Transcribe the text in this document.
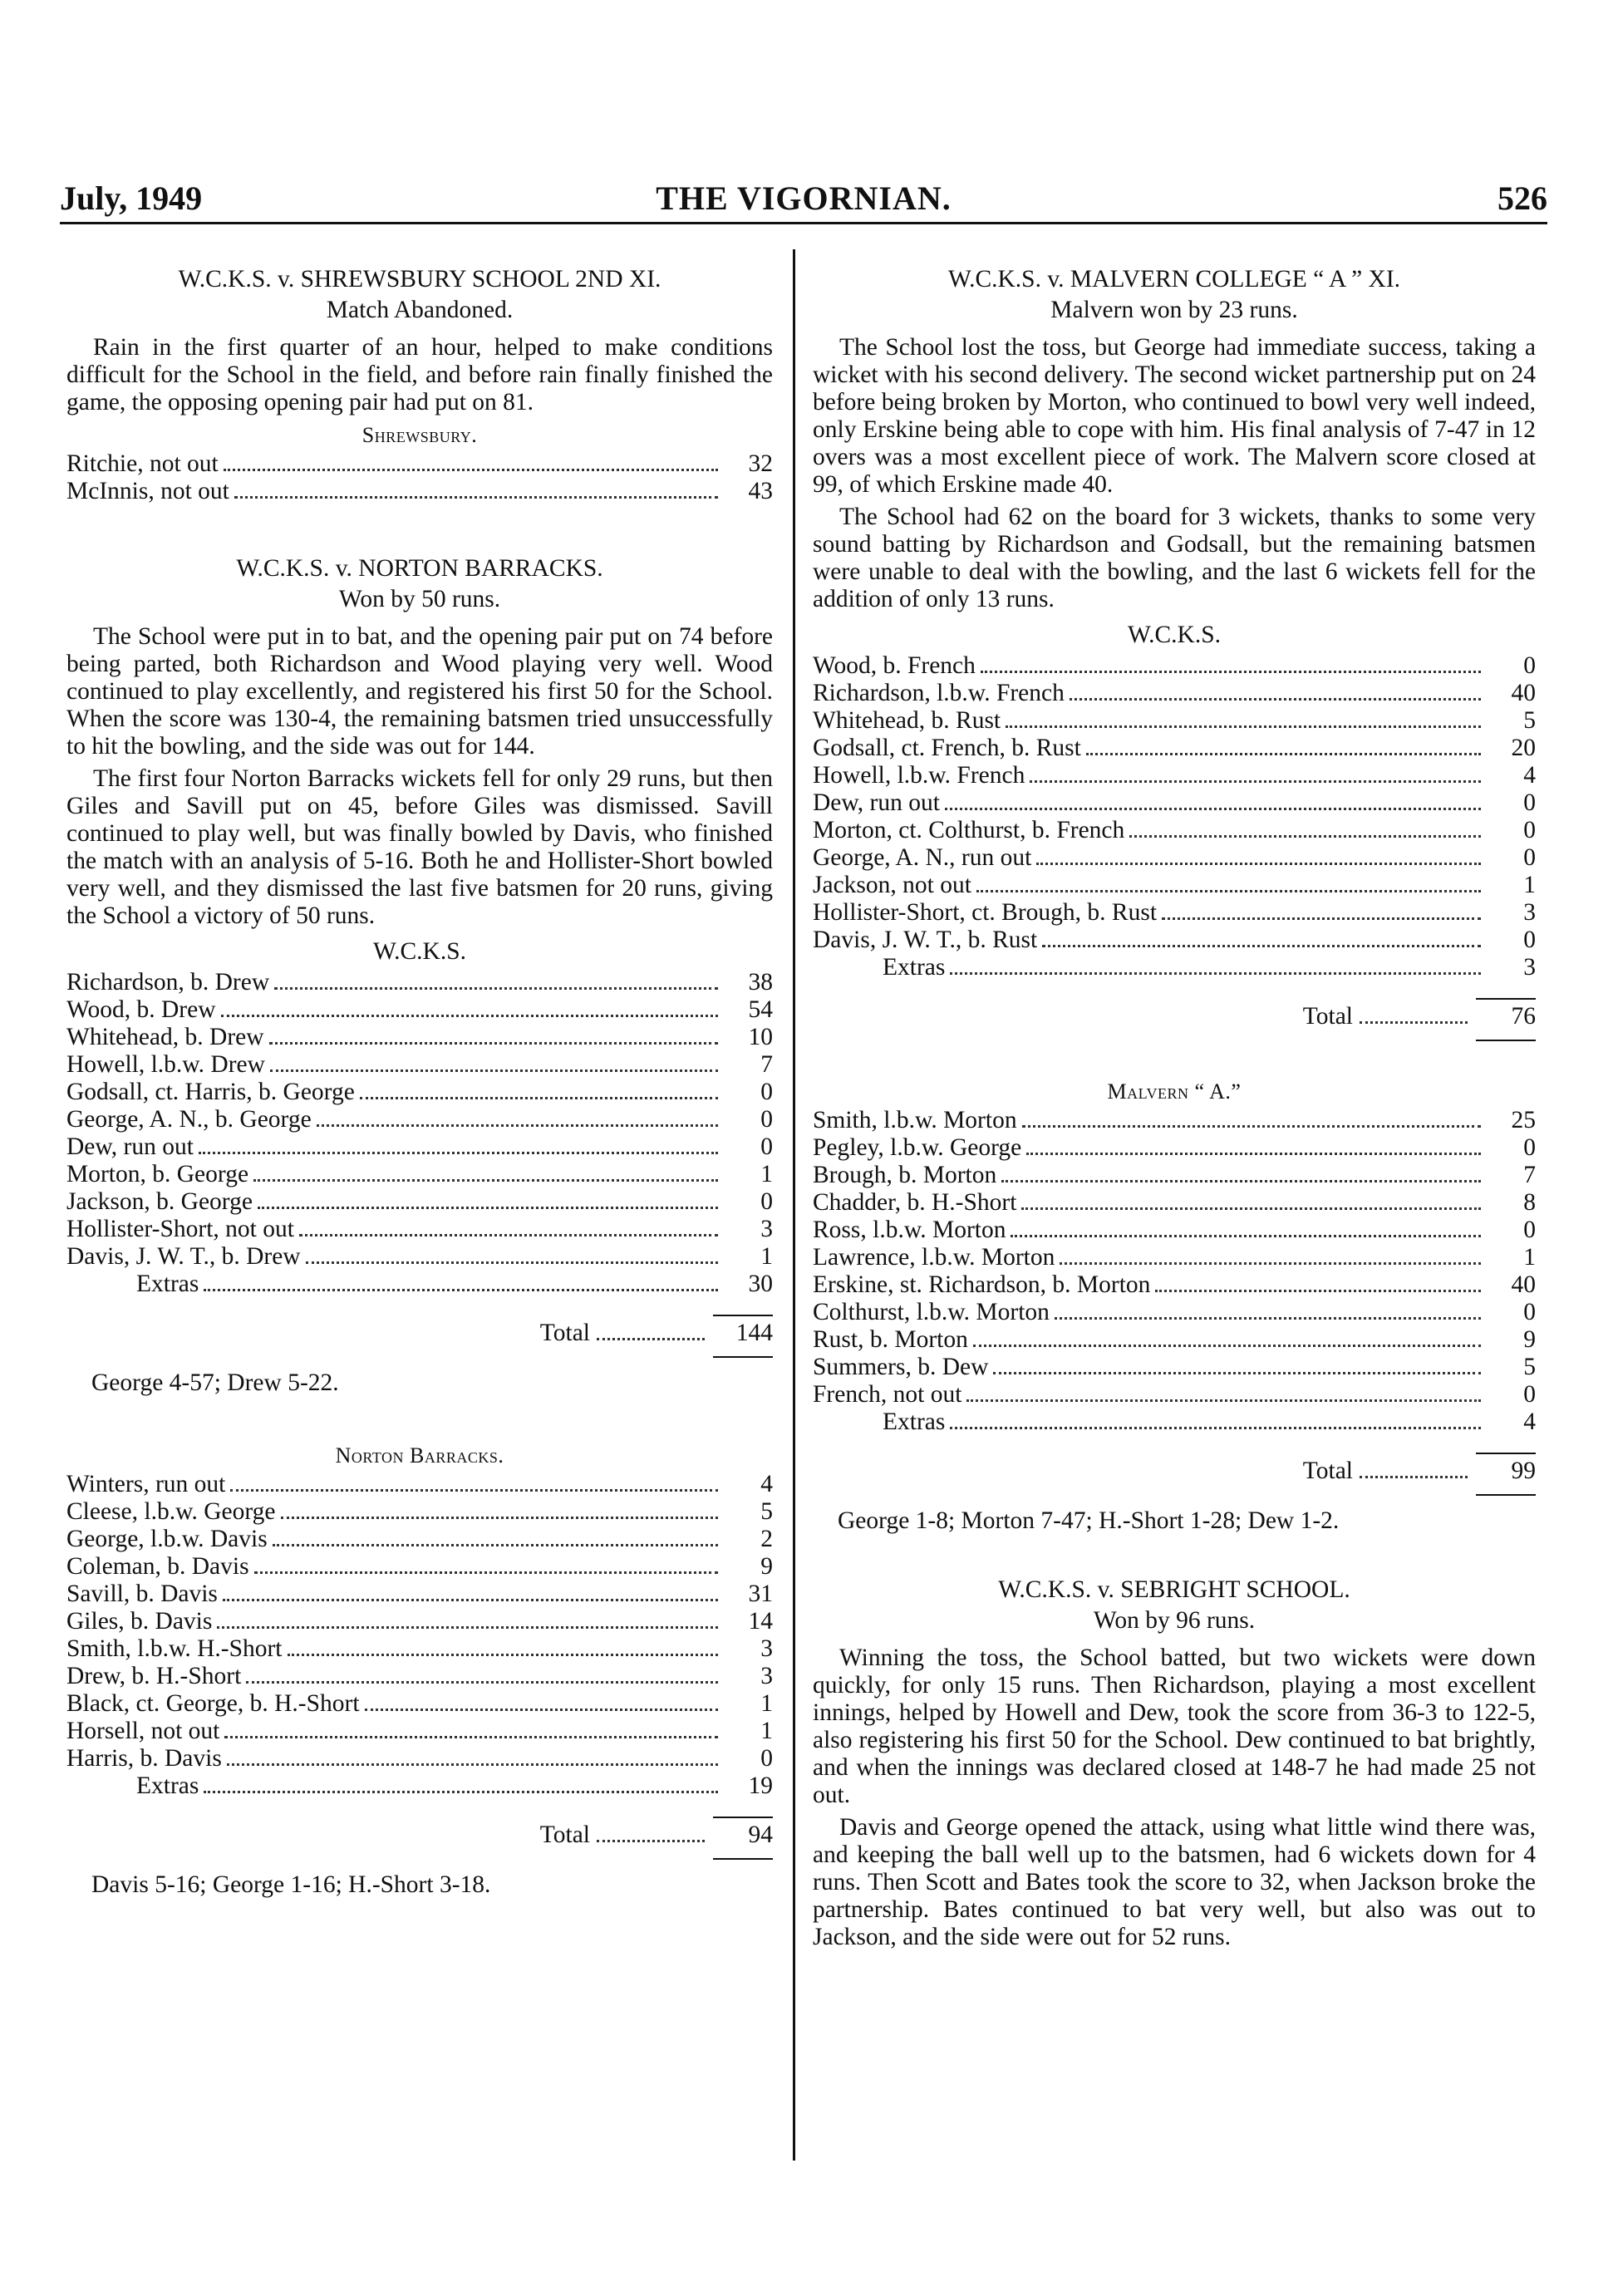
July, 1949	THE VIGORNIAN.	526
W.C.K.S. v. SHREWSBURY SCHOOL 2ND XI.
Match Abandoned.

Rain in the first quarter of an hour, helped to make conditions difficult for the School in the field, and before rain finally finished the game, the opposing opening pair had put on 81.

Shrewsbury.
Ritchie, not out	32
McInnis, not out	43
W.C.K.S. v. NORTON BARRACKS.
Won by 50 runs.

The School were put in to bat, and the opening pair put on 74 before being parted, both Richardson and Wood playing very well. Wood continued to play excellently, and registered his first 50 for the School. When the score was 130-4, the remaining batsmen tried unsuccessfully to hit the bowling, and the side was out for 144.

The first four Norton Barracks wickets fell for only 29 runs, but then Giles and Savill put on 45, before Giles was dismissed. Savill continued to play well, but was finally bowled by Davis, who finished the match with an analysis of 5-16. Both he and Hollister-Short bowled very well, and they dismissed the last five batsmen for 20 runs, giving the School a victory of 50 runs.

W.C.K.S.
Richardson, b. Drew	38
Wood, b. Drew	54
Whitehead, b. Drew	10
Howell, l.b.w. Drew	7
Godsall, ct. Harris, b. George	0
George, A. N., b. George	0
Dew, run out	0
Morton, b. George	1
Jackson, b. George	0
Hollister-Short, not out	3
Davis, J. W. T., b. Drew	1
Extras	30
Total	144
George 4-57; Drew 5-22.
Norton Barracks.
Winters, run out	4
Cleese, l.b.w. George	5
George, l.b.w. Davis	2
Coleman, b. Davis	9
Savill, b. Davis	31
Giles, b. Davis	14
Smith, l.b.w. H.-Short	3
Drew, b. H.-Short	3
Black, ct. George, b. H.-Short	1
Horsell, not out	1
Harris, b. Davis	0
Extras	19
Total	94
Davis 5-16; George 1-16; H.-Short 3-18.
W.C.K.S. v. MALVERN COLLEGE “ A ” XI.
Malvern won by 23 runs.

The School lost the toss, but George had immediate success, taking a wicket with his second delivery. The second wicket partnership put on 24 before being broken by Morton, who continued to bowl very well indeed, only Erskine being able to cope with him. His final analysis of 7-47 in 12 overs was a most excellent piece of work. The Malvern score closed at 99, of which Erskine made 40.

The School had 62 on the board for 3 wickets, thanks to some very sound batting by Richardson and Godsall, but the remaining batsmen were unable to deal with the bowling, and the last 6 wickets fell for the addition of only 13 runs.

W.C.K.S.
Wood, b. French	0
Richardson, l.b.w. French	40
Whitehead, b. Rust	5
Godsall, ct. French, b. Rust	20
Howell, l.b.w. French	4
Dew, run out	0
Morton, ct. Colthurst, b. French	0
George, A. N., run out	0
Jackson, not out	1
Hollister-Short, ct. Brough, b. Rust	3
Davis, J. W. T., b. Rust	0
Extras	3
Total	76
Malvern “ A.”
Smith, l.b.w. Morton	25
Pegley, l.b.w. George	0
Brough, b. Morton	7
Chadder, b. H.-Short	8
Ross, l.b.w. Morton	0
Lawrence, l.b.w. Morton	1
Erskine, st. Richardson, b. Morton	40
Colthurst, l.b.w. Morton	0
Rust, b. Morton	9
Summers, b. Dew	5
French, not out	0
Extras	4
Total	99
George 1-8; Morton 7-47; H.-Short 1-28; Dew 1-2.
W.C.K.S. v. SEBRIGHT SCHOOL.
Won by 96 runs.

Winning the toss, the School batted, but two wickets were down quickly, for only 15 runs. Then Richardson, playing a most excellent innings, helped by Howell and Dew, took the score from 36-3 to 122-5, also registering his first 50 for the School. Dew continued to bat brightly, and when the innings was declared closed at 148-7 he had made 25 not out.

Davis and George opened the attack, using what little wind there was, and keeping the ball well up to the batsmen, had 6 wickets down for 4 runs. Then Scott and Bates took the score to 32, when Jackson broke the partnership. Bates continued to bat very well, but also was out to Jackson, and the side were out for 52 runs.
